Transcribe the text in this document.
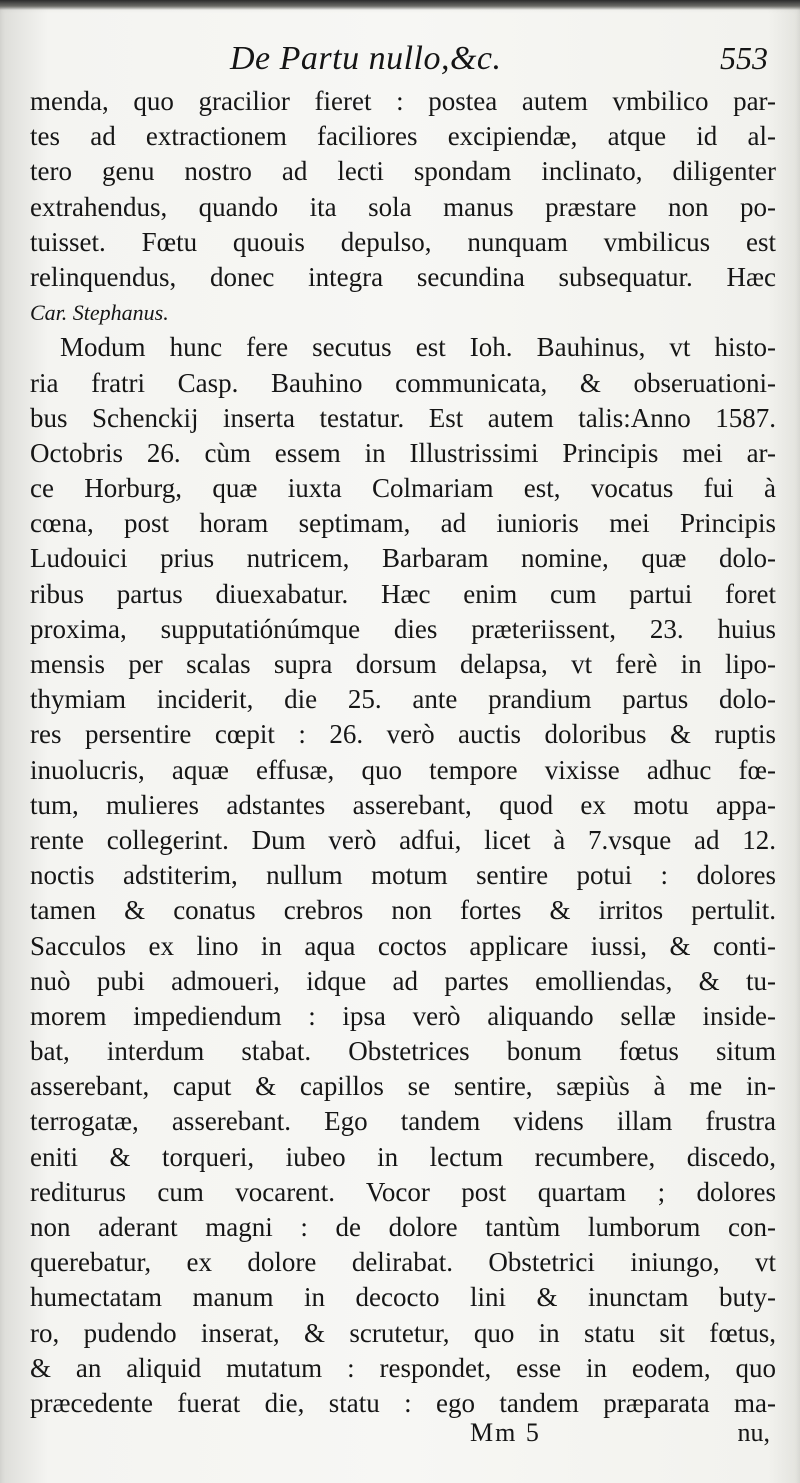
De Partu nullo,&c.	553
menda, quo gracilior fieret : postea autem vmbilico par-
tes ad extractionem faciliores excipiendæ, atque id al-
tero genu nostro ad lecti spondam inclinato, diligenter
extrahendus, quando ita sola manus præstare non po-
tuisset. Fœtu quouis depulso, nunquam vmbilicus est
relinquendus, donec integra secundina subsequatur. Hæc
Car. Stephanus.
Modum hunc fere secutus est Ioh. Bauhinus, vt histo-
ria fratri Casp. Bauhino communicata, & obseruationi-
bus Schenckij inserta testatur. Est autem talis:Anno 1587.
Octobris 26. cùm essem in Illustrissimi Principis mei ar-
ce Horburg, quæ iuxta Colmariam est, vocatus fui à
cœna, post horam septimam, ad iunioris mei Principis
Ludouici prius nutricem, Barbaram nomine, quæ dolo-
ribus partus diuexabatur. Hæc enim cum partui foret
proxima, supputatiónúmque dies præteriissent, 23. huius
mensis per scalas supra dorsum delapsa, vt ferè in lipo-
thymiam inciderit, die 25. ante prandium partus dolo-
res persentire cœpit : 26. verò auctis doloribus & ruptis
inuolucris, aquæ effusæ, quo tempore vixisse adhuc fœ-
tum, mulieres adstantes asserebant, quod ex motu appa-
rente collegerint. Dum verò adfui, licet à 7.vsque ad 12.
noctis adstiterim, nullum motum sentire potui : dolores
tamen & conatus crebros non fortes & irritos pertulit.
Sacculos ex lino in aqua coctos applicare iussi, & conti-
nuò pubi admoueri, idque ad partes emolliendas, & tu-
morem impediendum : ipsa verò aliquando sellæ inside-
bat, interdum stabat. Obstetrices bonum fœtus situm
asserebant, caput & capillos se sentire, sæpiùs à me in-
terrogatæ, asserebant. Ego tandem videns illam frustra
eniti & torqueri, iubeo in lectum recumbere, discedo,
rediturus cum vocarent. Vocor post quartam ; dolores
non aderant magni : de dolore tantùm lumborum con-
querebatur, ex dolore delirabat. Obstetrici iniungo, vt
humectatam manum in decocto lini & inunctam buty-
ro, pudendo inserat, & scrutetur, quo in statu sit fœtus,
& an aliquid mutatum : respondet, esse in eodem, quo
præcedente fuerat die, statu : ego tandem præparata ma-
Mm 5	nu,
